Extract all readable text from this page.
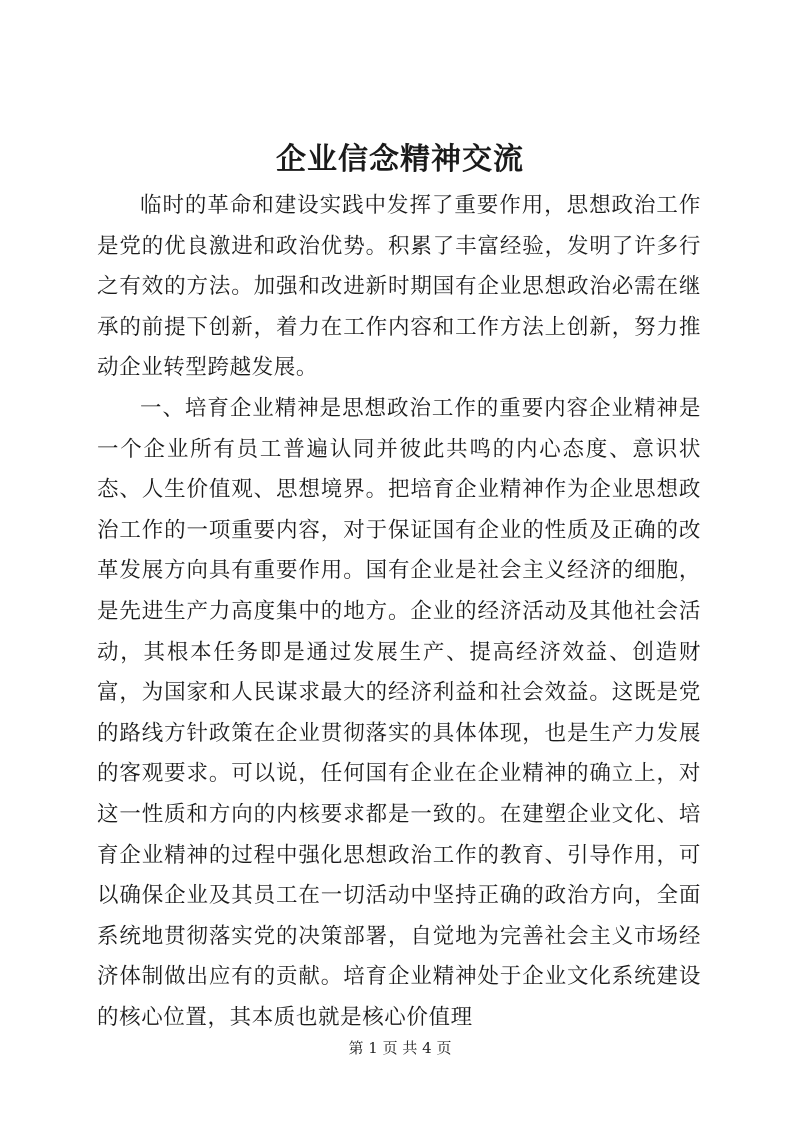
企业信念精神交流

临时的革命和建设实践中发挥了重要作用，思想政治工作是党的优良激进和政治优势。积累了丰富经验，发明了许多行之有效的方法。加强和改进新时期国有企业思想政治必需在继承的前提下创新，着力在工作内容和工作方法上创新，努力推动企业转型跨越发展。

一、培育企业精神是思想政治工作的重要内容企业精神是一个企业所有员工普遍认同并彼此共鸣的内心态度、意识状态、人生价值观、思想境界。把培育企业精神作为企业思想政治工作的一项重要内容，对于保证国有企业的性质及正确的改革发展方向具有重要作用。国有企业是社会主义经济的细胞，是先进生产力高度集中的地方。企业的经济活动及其他社会活动，其根本任务即是通过发展生产、提高经济效益、创造财富，为国家和人民谋求最大的经济利益和社会效益。这既是党的路线方针政策在企业贯彻落实的具体体现，也是生产力发展的客观要求。可以说，任何国有企业在企业精神的确立上，对这一性质和方向的内核要求都是一致的。在建塑企业文化、培育企业精神的过程中强化思想政治工作的教育、引导作用，可以确保企业及其员工在一切活动中坚持正确的政治方向，全面系统地贯彻落实党的决策部署，自觉地为完善社会主义市场经济体制做出应有的贡献。培育企业精神处于企业文化系统建设的核心位置，其本质也就是核心价值理

第 1 页 共 4 页
